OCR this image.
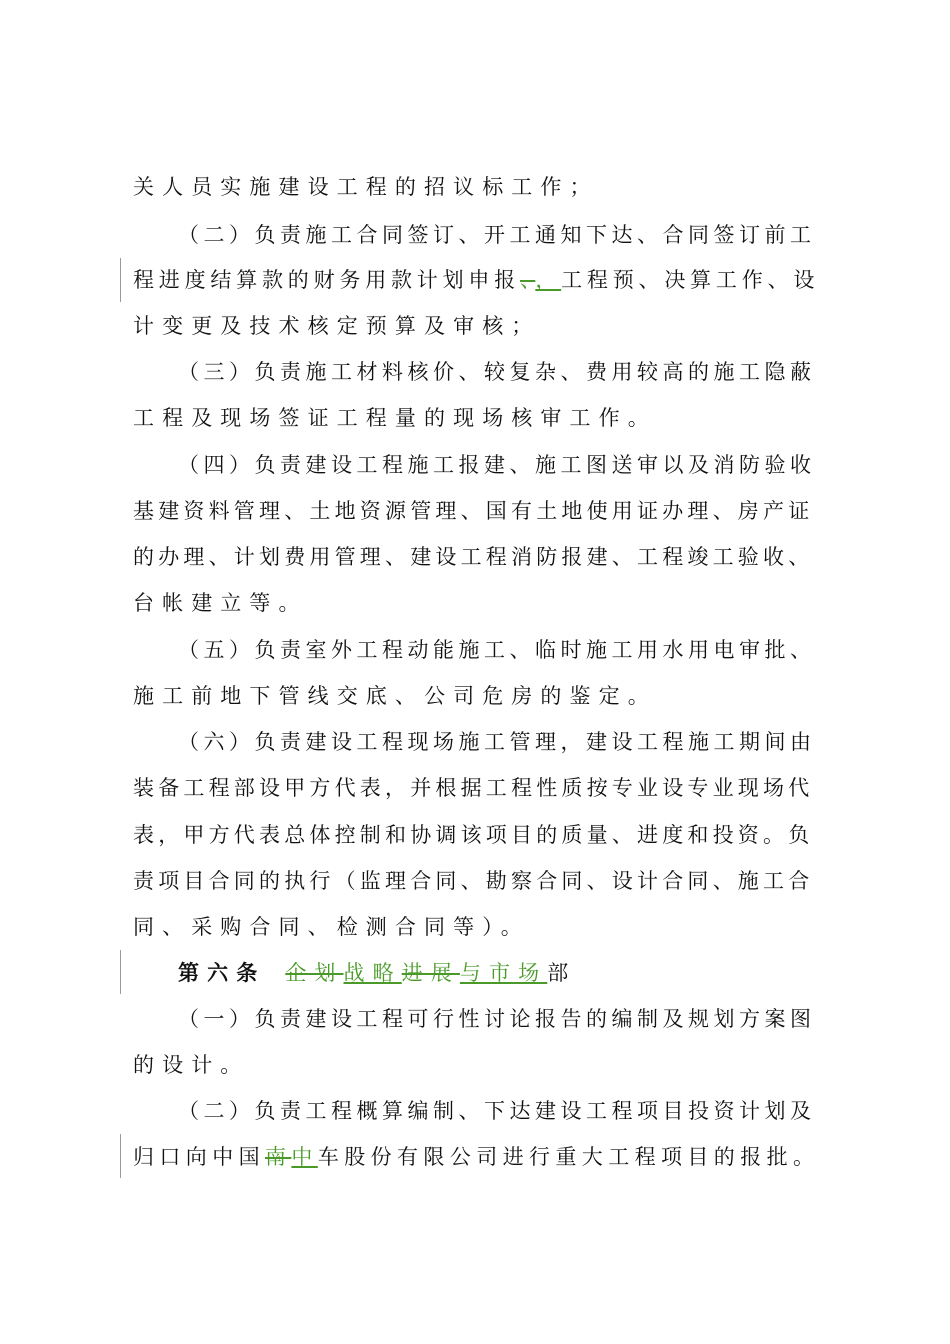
关人员实施建设工程的招议标工作；
（二）负责施工合同签订、开工通知下达、合同签订前工
程进度结算款的财务用款计划申报、，工程预、决算工作、设
计变更及技术核定预算及审核；
（三）负责施工材料核价、较复杂、费用较高的施工隐蔽
工程及现场签证工程量的现场核审工作。
（四）负责建设工程施工报建、施工图送审以及消防验收
基建资料管理、土地资源管理、国有土地使用证办理、房产证
的办理、计划费用管理、建设工程消防报建、工程竣工验收、
台帐建立等。
（五）负责室外工程动能施工、临时施工用水用电审批、
施工前地下管线交底、公司危房的鉴定。
（六）负责建设工程现场施工管理，建设工程施工期间由
装备工程部设甲方代表，并根据工程性质按专业设专业现场代
表，甲方代表总体控制和协调该项目的质量、进度和投资。负
责项目合同的执行（监理合同、勘察合同、设计合同、施工合
同、采购合同、检测合同等）。
第六条 企划战略进展与市场部
（一）负责建设工程可行性讨论报告的编制及规划方案图
的设计。
（二）负责工程概算编制、下达建设工程项目投资计划及
归口向中国南中车股份有限公司进行重大工程项目的报批。
